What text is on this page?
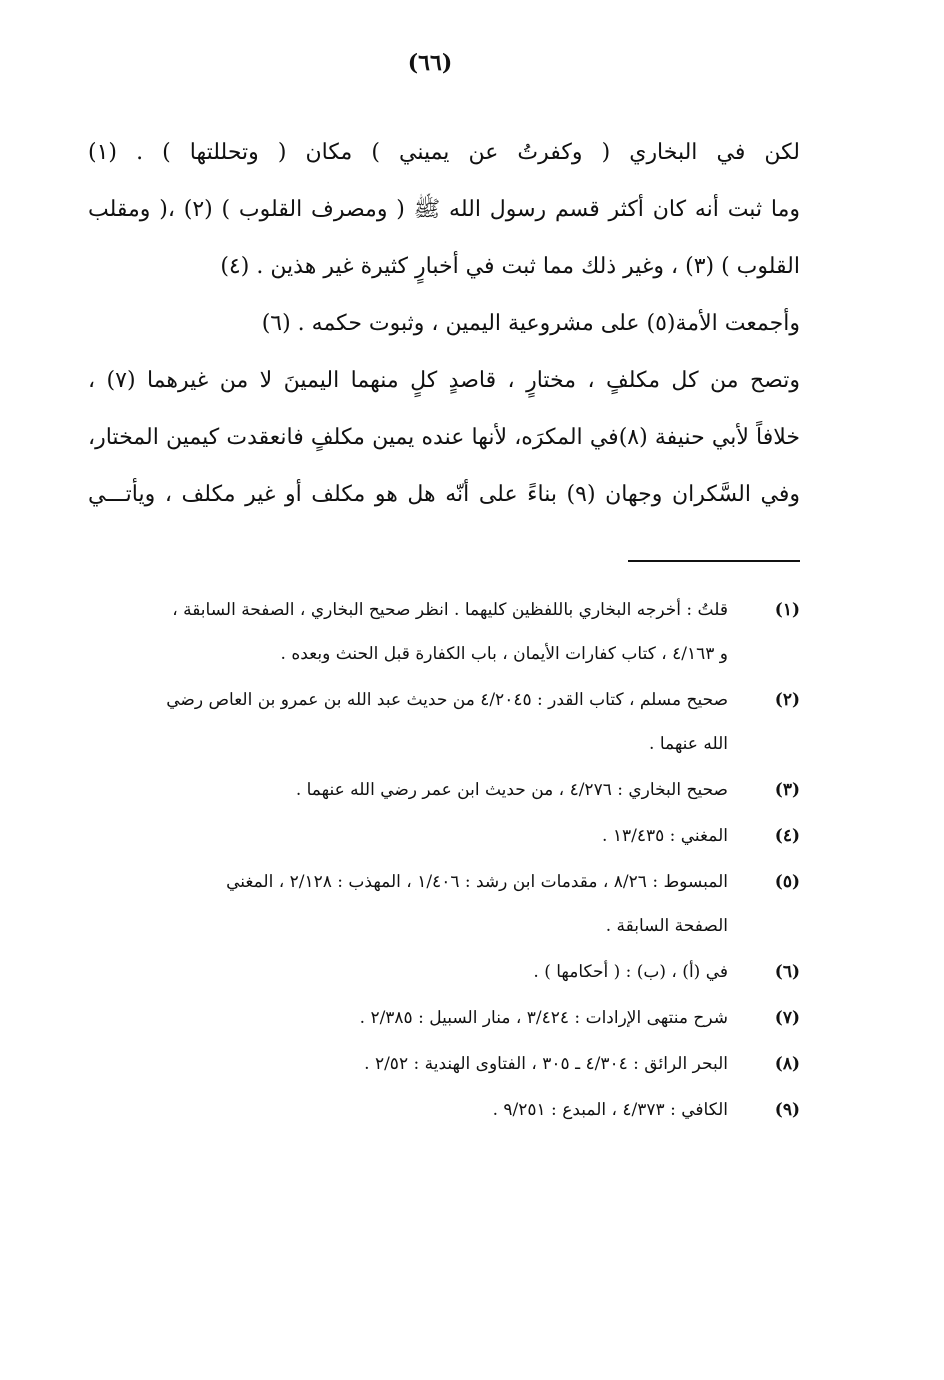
(٦٦)
لكن في البخاري ( وكفرتُ عن يميني ) مكان ( وتحللتها ) . (١)
وما ثبت أنه كان أكثر قسم رسول الله ﷺ ( ومصرف القلوب ) (٢) ،( ومقلب
القلوب ) (٣) ، وغير ذلك مما ثبت في أخبارٍ كثيرة غير هذين . (٤)
وأجمعت الأمة(٥) على مشروعية اليمين ، وثبوت حكمه . (٦)
وتصح من كل مكلفٍ ، مختارٍ ، قاصدٍ كلٍ منهما اليمينَ لا من غيرهما (٧) ،
خلافاً لأبي حنيفة (٨)في المكرَه، لأنها عنده يمين مكلفٍ فانعقدت كيمين المختار،
وفي السَّكران وجهان (٩) بناءً على أنّه هل هو مكلف أو غير مكلف ، ويأتـــي
(١)
قلتُ : أخرجه البخاري باللفظين كليهما . انظر صحيح البخاري ، الصفحة السابقة ،
و ٤/١٦٣ ، كتاب كفارات الأيمان ، باب الكفارة قبل الحنث وبعده .
(٢)
صحيح مسلم ، كتاب القدر : ٤/٢٠٤٥ من حديث عبد الله بن عمرو بن العاص رضي
الله عنهما .
(٣)
صحيح البخاري : ٤/٢٧٦ ، من حديث ابن عمر رضي الله عنهما .
(٤)
المغني : ١٣/٤٣٥ .
(٥)
المبسوط : ٨/٢٦ ، مقدمات ابن رشد : ١/٤٠٦ ، المهذب : ٢/١٢٨ ، المغني
الصفحة السابقة .
(٦)
في (أ) ، (ب) : ( أحكامها ) .
(٧)
شرح منتهى الإرادات : ٣/٤٢٤ ، منار السبيل : ٢/٣٨٥ .
(٨)
البحر الرائق : ٤/٣٠٤ ـ ٣٠٥ ، الفتاوى الهندية : ٢/٥٢ .
(٩)
الكافي : ٤/٣٧٣ ، المبدع : ٩/٢٥١ .
